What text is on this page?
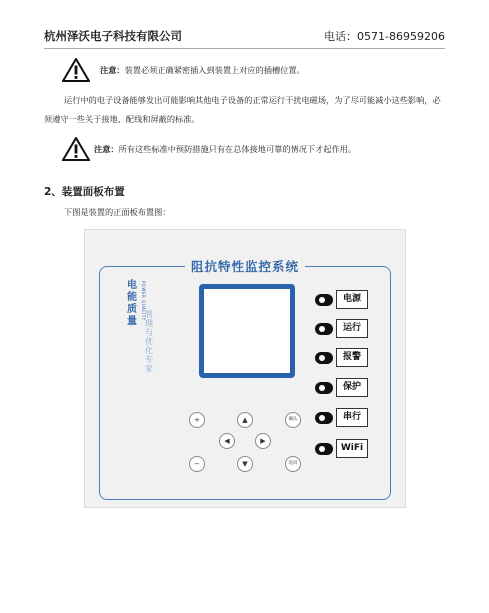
杭州泽沃电子科技有限公司	电话：0571-86959206
注意：装置必须正确紧密插入到装置上对应的插槽位置。
运行中的电子设备能够发出可能影响其他电子设备的正常运行干扰电磁场，为了尽可能减小这些影响，必须遵守一些关于接地、配线和屏蔽的标准。
注意：所有这些标准中预防措施只有在总体接地可靠的情况下才起作用。
2、装置面板布置
下图是装置的正面板布置图：
阻抗特性监控系统
电能质量
POWER QUALITY 管理与优化专家
电源
运行
报警
保护
串行
WiFi
+
−
▲
▼
◀	▶
确认
返回
